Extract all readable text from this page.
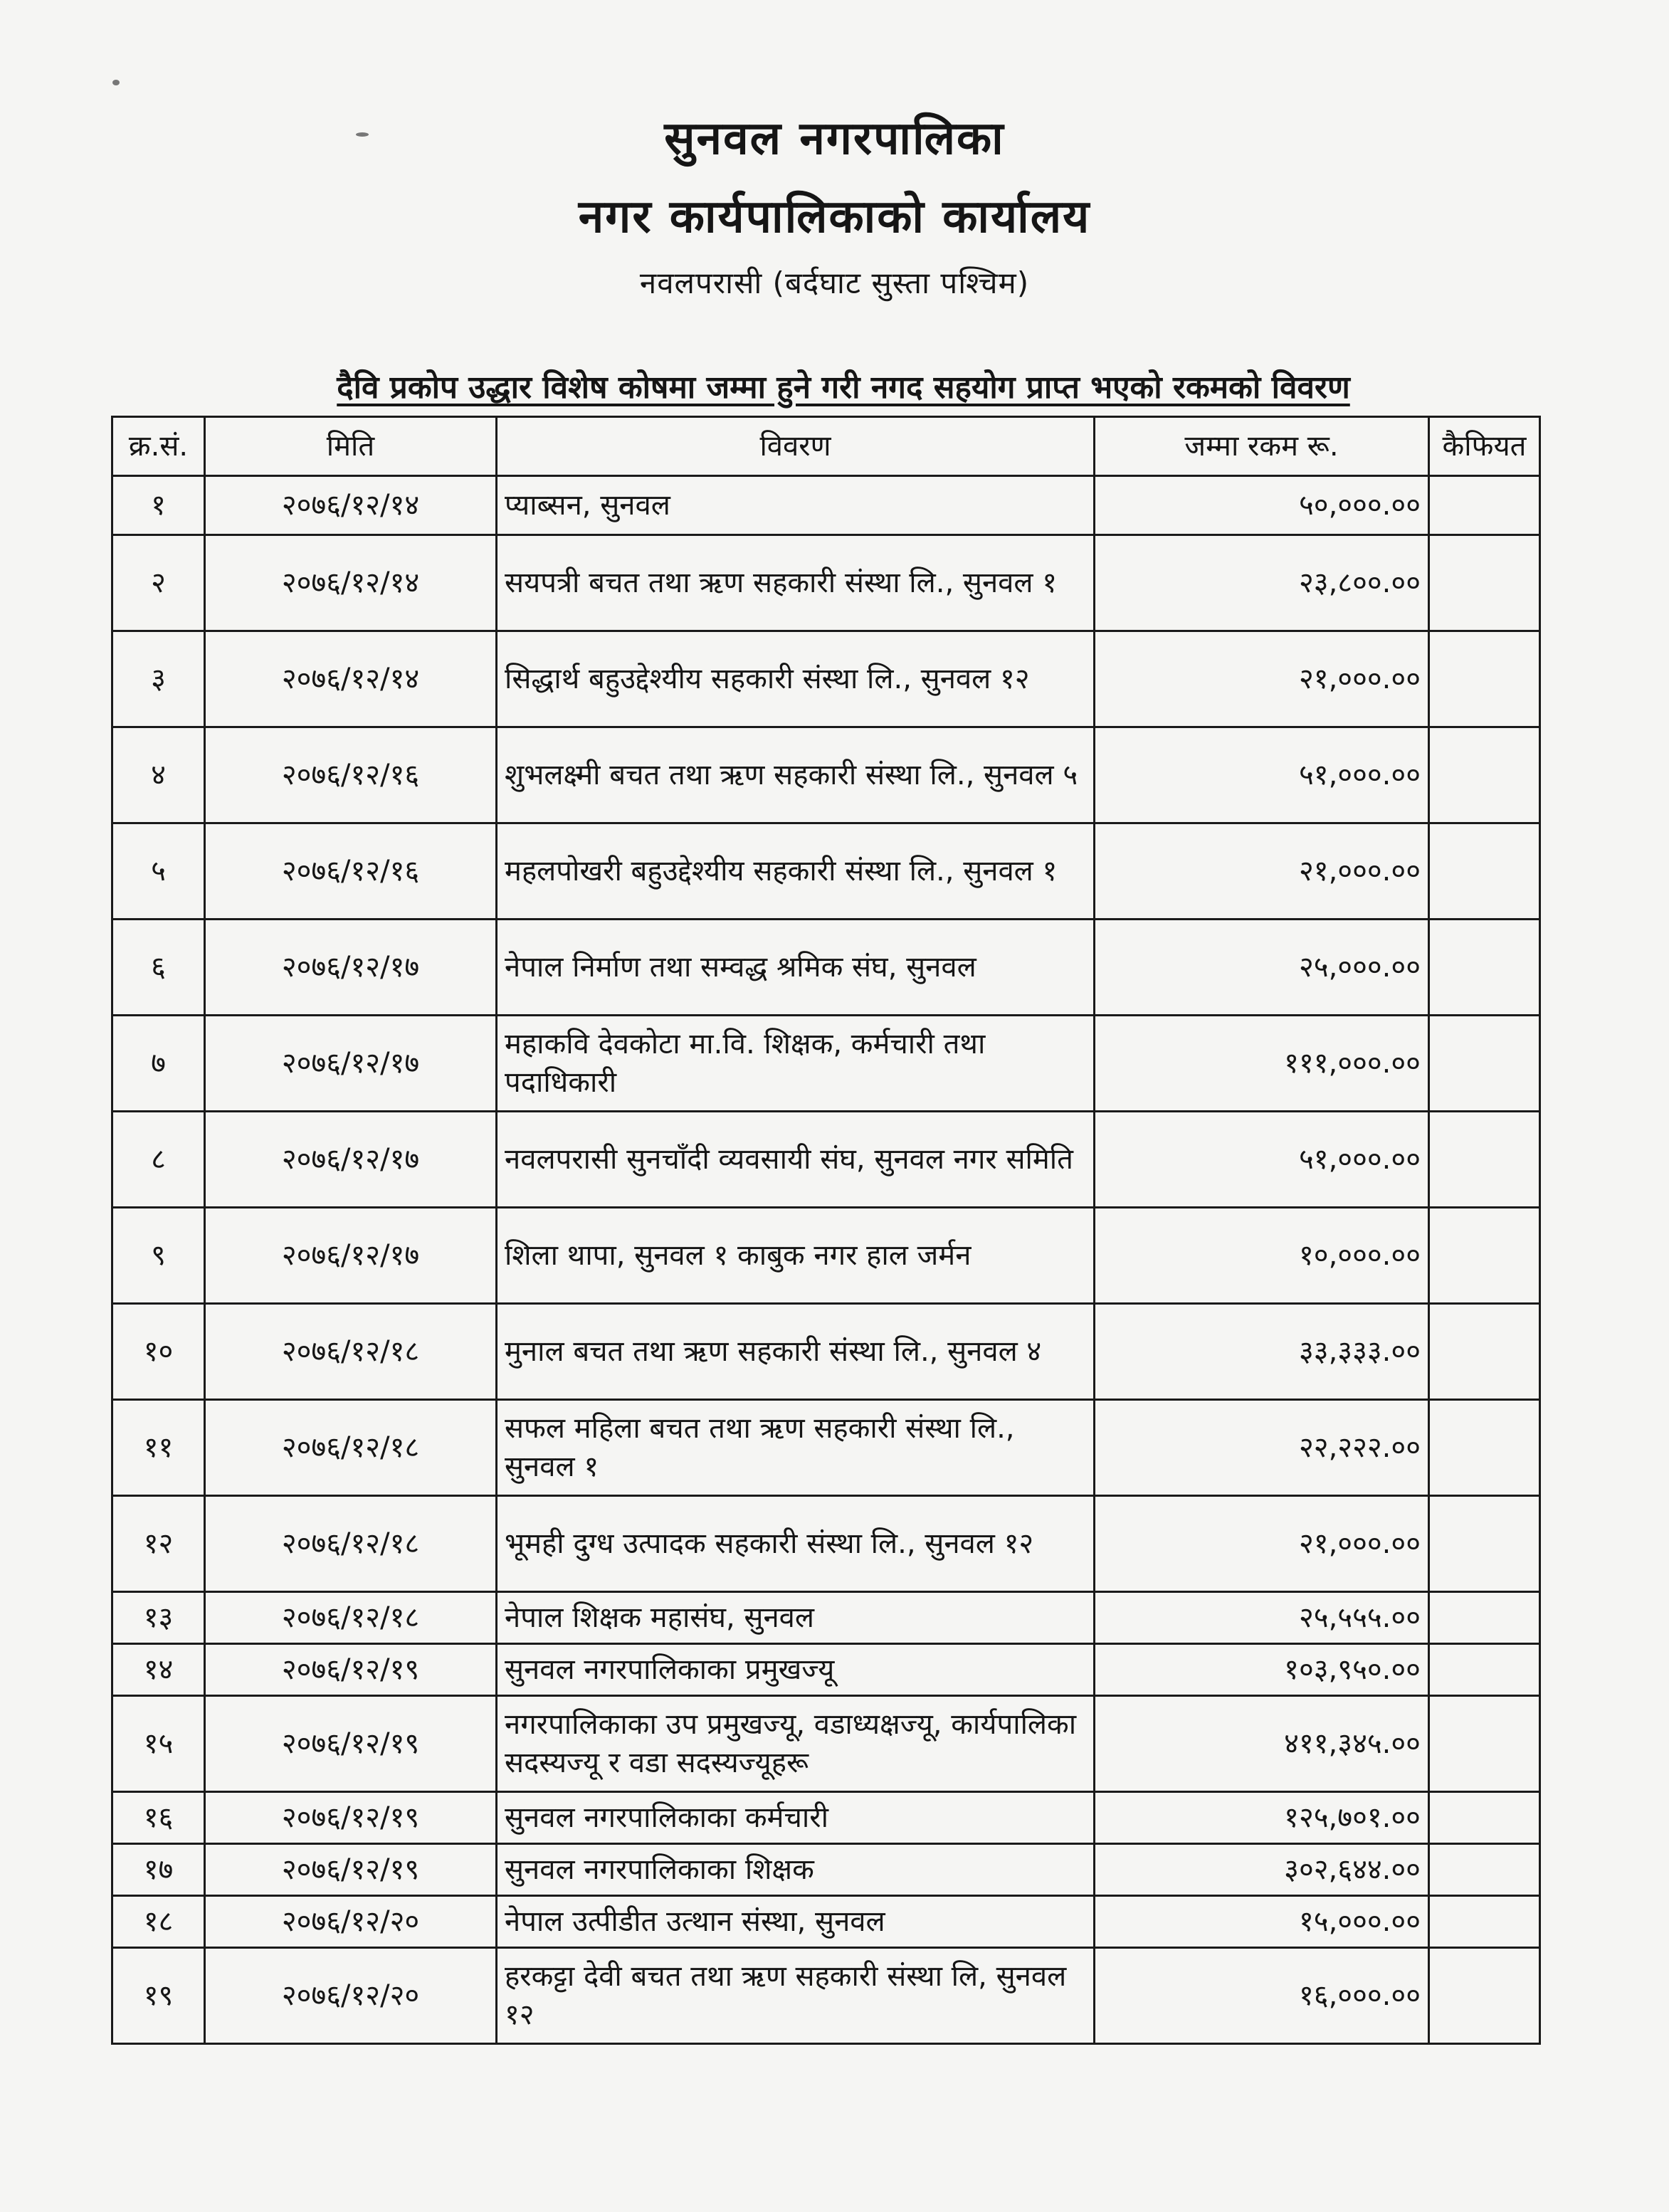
सुनवल नगरपालिका
नगर कार्यपालिकाको कार्यालय
नवलपरासी (बर्दघाट सुस्ता पश्चिम)
दैवि प्रकोप उद्धार विशेष कोषमा जम्मा हुने गरी नगद सहयोग प्राप्त भएको रकमको विवरण
क्र.सं.	मिति	विवरण	जम्मा रकम रू.	कैफियत
१	२०७६/१२/१४	प्याब्सन, सुनवल	५०,०००.००	
२	२०७६/१२/१४	सयपत्री बचत तथा ऋण सहकारी संस्था लि., सुनवल १	२३,८००.००	
३	२०७६/१२/१४	सिद्धार्थ बहुउद्देश्यीय सहकारी संस्था लि., सुनवल १२	२१,०००.००	
४	२०७६/१२/१६	शुभलक्ष्मी बचत तथा ऋण सहकारी संस्था लि., सुनवल ५	५१,०००.००	
५	२०७६/१२/१६	महलपोखरी बहुउद्देश्यीय सहकारी संस्था लि., सुनवल १	२१,०००.००	
६	२०७६/१२/१७	नेपाल निर्माण तथा सम्वद्ध श्रमिक संघ, सुनवल	२५,०००.००	
७	२०७६/१२/१७	महाकवि देवकोटा मा.वि. शिक्षक, कर्मचारी तथा पदाधिकारी	१११,०००.००	
८	२०७६/१२/१७	नवलपरासी सुनचाँदी व्यवसायी संघ, सुनवल नगर समिति	५१,०००.००	
९	२०७६/१२/१७	शिला थापा, सुनवल १ काबुक नगर हाल जर्मन	१०,०००.००	
१०	२०७६/१२/१८	मुनाल बचत तथा ऋण सहकारी संस्था लि., सुनवल ४	३३,३३३.००	
११	२०७६/१२/१८	सफल महिला बचत तथा ऋण सहकारी संस्था लि., सुनवल १	२२,२२२.००	
१२	२०७६/१२/१८	भूमही दुग्ध उत्पादक सहकारी संस्था लि., सुनवल १२	२१,०००.००	
१३	२०७६/१२/१८	नेपाल शिक्षक महासंघ, सुनवल	२५,५५५.००	
१४	२०७६/१२/१९	सुनवल नगरपालिकाका प्रमुखज्यू	१०३,९५०.००	
१५	२०७६/१२/१९	नगरपालिकाका उप प्रमुखज्यू, वडाध्यक्षज्यू, कार्यपालिका सदस्यज्यू र वडा सदस्यज्यूहरू	४११,३४५.००	
१६	२०७६/१२/१९	सुनवल नगरपालिकाका कर्मचारी	१२५,७०१.००	
१७	२०७६/१२/१९	सुनवल नगरपालिकाका शिक्षक	३०२,६४४.००	
१८	२०७६/१२/२०	नेपाल उत्पीडीत उत्थान संस्था, सुनवल	१५,०००.००	
१९	२०७६/१२/२०	हरकट्टा देवी बचत तथा ऋण सहकारी संस्था लि, सुनवल १२	१६,०००.००	
